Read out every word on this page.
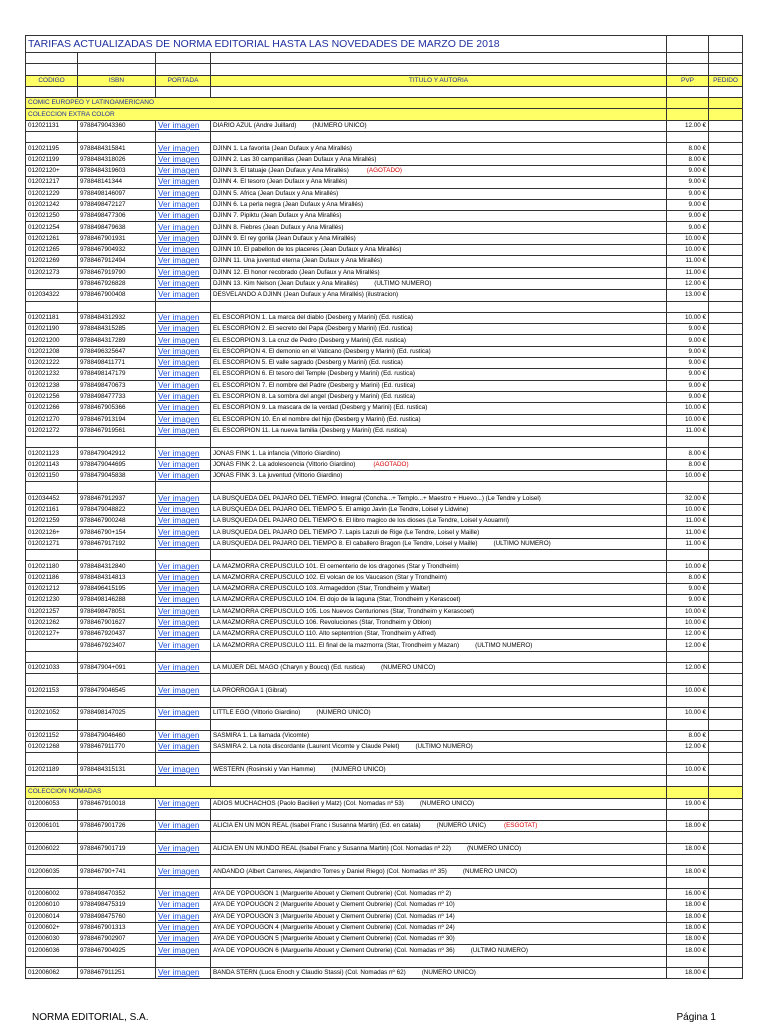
TARIFAS ACTUALIZADAS DE NORMA EDITORIAL HASTA LAS NOVEDADES DE MARZO DE 2018					

CODIGO	ISBN	PORTADA	TITULO Y AUTORIA	PVP	PEDIDO

COMIC EUROPEO Y LATINOAMERICANO					
COLECCION EXTRA COLOR					
012021131	9788479043360	Ver imagen	DIARIO AZUL (Andre Juillard) (NUMERO UNICO)	12.00 €	

012021195	9788484315841	Ver imagen	DJINN 1. La favorita (Jean Dufaux y Ana Mirallés)	8.00 €	
012021199	9788484318026	Ver imagen	DJINN 2. Las 30 campanillas (Jean Dufaux y Ana Mirallés)	8.00 €	
01202120+	9788484319603	Ver imagen	DJINN 3. El tatuaje (Jean Dufaux y Ana Mirallés) (AGOTADO)	9.00 €	
012021217	978848141344	Ver imagen	DJINN 4. El tesoro (Jean Dufaux y Ana Mirallés)	9.00 €	
012021229	9788498146097	Ver imagen	DJINN 5. Africa (Jean Dufaux y Ana Mirallés)	9.00 €	
012021242	9788498472127	Ver imagen	DJINN 6. La perla negra (Jean Dufaux y Ana Mirallés)	9.00 €	
012021250	9788498477306	Ver imagen	DJINN 7. Pipiktu (Jean Dufaux y Ana Mirallés)	9.00 €	
012021254	9788498479638	Ver imagen	DJINN 8. Fiebres (Jean Dufaux y Ana Mirallés)	9.00 €	
012021261	9788467901931	Ver imagen	DJINN 9. El rey gorila (Jean Dufaux y Ana Mirallés)	10.00 €	
012021265	9788467904932	Ver imagen	DJINN 10. El pabellon de los placeres (Jean Dufaux y Ana Mirallés)	10.00 €	
012021269	9788467912494	Ver imagen	DJINN 11. Una juventud eterna (Jean Dufaux y Ana Mirallés)	11.00 €	
012021273	9788467919790	Ver imagen	DJINN 12. El honor recobrado (Jean Dufaux y Ana Mirallés)	11.00 €	
	9788467926828	Ver imagen	DJINN 13. Kim Nelson (Jean Dufaux y Ana Mirallés) (ULTIMO NUMERO)	12.00 €	
012034322	9788467900408	Ver imagen	DESVELANDO A DJINN (Jean Dufaux y Ana Mirallés) (ilustracion)	13.00 €	

012021181	9788484312932	Ver imagen	EL ESCORPION 1. La marca del diablo (Desberg y Marini) (Ed. rustica)	10.00 €	
012021190	9788484315285	Ver imagen	EL ESCORPION 2. El secreto del Papa (Desberg y Marini) (Ed. rustica)	9.00 €	
012021200	9788484317289	Ver imagen	EL ESCORPION 3. La cruz de Pedro (Desberg y Marini) (Ed. rustica)	9.00 €	
012021208	9788496325647	Ver imagen	EL ESCORPION 4. El demonio en el Vaticano (Desberg y Marini) (Ed. rustica)	9.00 €	
012021222	9788498411771	Ver imagen	EL ESCORPION 5. El valle sagrado (Desberg y Marini) (Ed. rustica)	9.00 €	
012021232	9788498147179	Ver imagen	EL ESCORPION 6. El tesoro del Temple (Desberg y Marini) (Ed. rustica)	9.00 €	
012021238	9788498470673	Ver imagen	EL ESCORPION 7. El nombre del Padre (Desberg y Marini) (Ed. rustica)	9.00 €	
012021256	9788498477733	Ver imagen	EL ESCORPION 8. La sombra del angel (Desberg y Marini) (Ed. rustica)	9.00 €	
012021266	9788467905366	Ver imagen	EL ESCORPION 9. La mascara de la verdad (Desberg y Marini) (Ed. rustica)	10.00 €	
012021270	9788467913194	Ver imagen	EL ESCORPION 10. En el nombre del hijo (Desberg y Marini) (Ed. rustica)	10.00 €	
012021272	9788467919561	Ver imagen	EL ESCORPION 11. La nueva familia (Desberg y Marini) (Ed. rustica)	11.00 €	

012021123	9788479042912	Ver imagen	JONAS FINK 1. La infancia (Vittorio Giardino)	8.00 €	
012021143	9788479044695	Ver imagen	JONAS FINK 2. La adolescencia (Vittorio Giardino) (AGOTADO)	8.00 €	
012021150	9788479045838	Ver imagen	JONAS FINK 3. La juventud (Vittorio Giardino)	10.00 €	

012034452	9788467912937	Ver imagen	LA BUSQUEDA DEL PAJARO DEL TIEMPO. Integral (Concha...+ Templo...+ Maestro + Huevo...) (Le Tendre y Loisel)	32.00 €	
012021161	9788479048822	Ver imagen	LA BUSQUEDA DEL PAJARO DEL TIEMPO 5. El amigo Javin (Le Tendre, Loisel y Lidwine)	10.00 €	
012021259	9788467900248	Ver imagen	LA BUSQUEDA DEL PAJARO DEL TIEMPO 6. El libro magico de los dioses (Le Tendre, Loisel y Aouamri)	11.00 €	
01202126+	978846790+154	Ver imagen	LA BUSQUEDA DEL PAJARO DEL TIEMPO 7. Lapis Lazuli de Rige (Le Tendre, Loisel y Maille)	11.00 €	
012021271	9788467917192	Ver imagen	LA BUSQUEDA DEL PAJARO DEL TIEMPO 8. El caballero Bragon (Le Tendre, Loisel y Maille) (ULTIMO NUMERO)	11.00 €	

012021180	9788484312840	Ver imagen	LA MAZMORRA CREPUSCULO 101. El cementerio de los dragones (Star y Trondheim)	10.00 €	
012021186	9788484314813	Ver imagen	LA MAZMORRA CREPUSCULO 102. El volcan de los Vaucason (Star y Trondheim)	8.00 €	
012021212	9788496415195	Ver imagen	LA MAZMORRA CREPUSCULO 103. Armageddon (Star, Trondheim y Walter)	9.00 €	
012021230	9788498146288	Ver imagen	LA MAZMORRA CREPUSCULO 104. El dojo de la laguna (Star, Trondheim y Kerascoet)	9.00 €	
012021257	9788498478051	Ver imagen	LA MAZMORRA CREPUSCULO 105. Los Nuevos Centuriones (Star, Trondheim y Kerascoet)	10.00 €	
012021262	9788467901627	Ver imagen	LA MAZMORRA CREPUSCULO 106. Revoluciones (Star, Trondheim y Oblon)	10.00 €	
01202127+	9788467920437	Ver imagen	LA MAZMORRA CREPUSCULO 110. Alto septentrion (Star, Trondheim y Alfred)	12.00 €	
	9788467923407	Ver imagen	LA MAZMORRA CREPUSCULO 111. El final de la mazmorra (Star, Trondheim y Mazan) (ULTIMO NUMERO)	12.00 €	

012021033	978847904+091	Ver imagen	LA MUJER DEL MAGO (Charyn y Boucq) (Ed. rustica) (NUMERO UNICO)	12.00 €	

012021153	9788479046545	Ver imagen	LA PRORROGA 1 (Gibrat)	10.00 €	

012021052	9788498147025	Ver imagen	LITTLE EGO (Vittorio Giardino) (NUMERO UNICO)	10.00 €	

012021152	9788479046460	Ver imagen	SASMIRA 1. La llamada (Vicomte)	8.00 €	
012021268	9788467911770	Ver imagen	SASMIRA 2. La nota discordante (Laurent Vicomte y Claude Pelet) (ULTIMO NUMERO)	12.00 €	

012021189	9788484315131	Ver imagen	WESTERN (Rosinski y Van Hamme) (NUMERO UNICO)	10.00 €	

COLECCION NOMADAS					
012006053	9788467910018	Ver imagen	ADIOS MUCHACHOS (Paolo Bacilieri y Matz) (Col. Nomadas nº 53) (NUMERO UNICO)	19.00 €	

012006101	9788467901726	Ver imagen	ALICIA EN UN MON REAL (Isabel Franc i Susanna Martin) (Ed. en catala) (NUMERO UNIC) (ESGOTAT)	18.00 €	

012006022	9788467901719	Ver imagen	ALICIA EN UN MUNDO REAL (Isabel Franc y Susanna Martin) (Col. Nomadas nº 22) (NUMERO UNICO)	18.00 €	

012006035	978846790+741	Ver imagen	ANDANDO (Albert Carreres, Alejandro Torres y Daniel Riego) (Col. Nomadas nº 35) (NUMERO UNICO)	18.00 €	

012006002	9788498470352	Ver imagen	AYA DE YOPOUGON 1 (Marguerite Abouet y Clement Oubrerie) (Col. Nomadas nº 2)	16.00 €	
012006010	9788498475319	Ver imagen	AYA DE YOPOUGON 2 (Marguerite Abouet y Clement Oubrerie) (Col. Nomadas nº 10)	18.00 €	
012006014	9788498475760	Ver imagen	AYA DE YOPOUGON 3 (Marguerite Abouet y Clement Oubrerie) (Col. Nomadas nº 14)	18.00 €	
01200602+	9788467901313	Ver imagen	AYA DE YOPOUGON 4 (Marguerite Abouet y Clement Oubrerie) (Col. Nomadas nº 24)	18.00 €	
012006030	9788467902907	Ver imagen	AYA DE YOPOUGON 5 (Marguerite Abouet y Clement Oubrerie) (Col. Nomadas nº 30)	18.00 €	
012006036	9788467904925	Ver imagen	AYA DE YOPOUGON 6 (Marguerite Abouet y Clement Oubrerie) (Col. Nomadas nº 36) (ULTIMO NUMERO)	18.00 €	

012006062	9788467911251	Ver imagen	BANDA STERN (Luca Enoch y Claudio Stassi) (Col. Nomadas nº 62) (NUMERO UNICO)	18.00 €	
NORMA EDITORIAL, S.A.	Página 1
